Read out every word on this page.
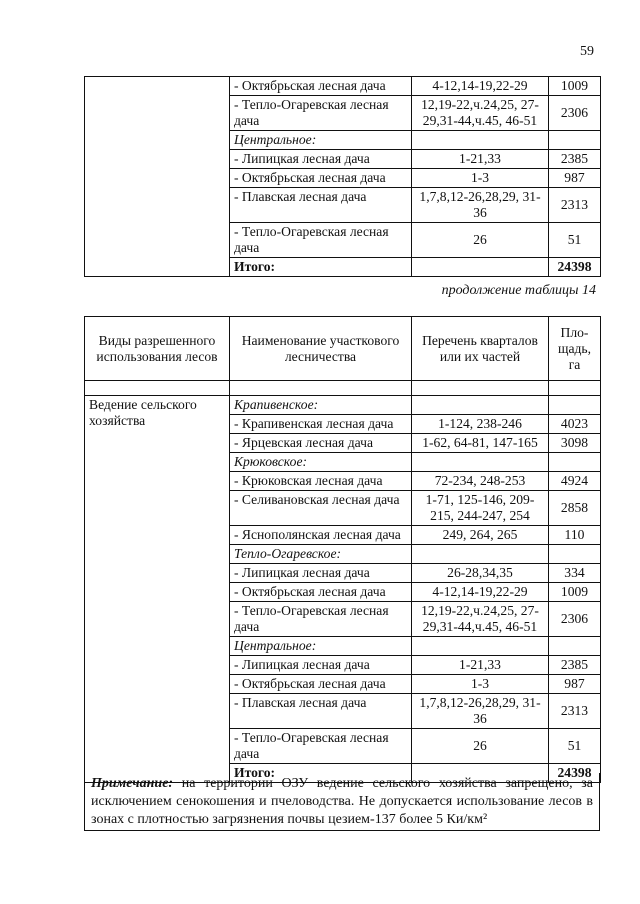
59
	- Октябрьская лесная дача	4-12,14-19,22-29	1009
	- Тепло-Огаревская лесная дача	12,19-22,ч.24,25, 27-29,31-44,ч.45, 46-51	2306
	Центральное:		
	- Липицкая лесная дача	1-21,33	2385
	- Октябрьская лесная дача	1-3	987
	- Плавская лесная дача	1,7,8,12-26,28,29, 31-36	2313
	- Тепло-Огаревская лесная дача	26	51
	Итого:		24398
продолжение таблицы 14
Виды разрешенного использования лесов	Наименование участкового лесничества	Перечень кварталов или их частей	Пло-щадь, га

Ведение сельского хозяйства	Крапивенское:		
	- Крапивенская лесная дача	1-124, 238-246	4023
	- Ярцевская лесная дача	1-62, 64-81, 147-165	3098
	Крюковское:		
	- Крюковская лесная дача	72-234, 248-253	4924
	- Селивановская лесная дача	1-71, 125-146, 209-215, 244-247, 254	2858
	- Яснополянская лесная дача	249, 264, 265	110
	Тепло-Огаревское:		
	- Липицкая лесная дача	26-28,34,35	334
	- Октябрьская лесная дача	4-12,14-19,22-29	1009
	- Тепло-Огаревская лесная дача	12,19-22,ч.24,25, 27-29,31-44,ч.45, 46-51	2306
	Центральное:		
	- Липицкая лесная дача	1-21,33	2385
	- Октябрьская лесная дача	1-3	987
	- Плавская лесная дача	1,7,8,12-26,28,29, 31-36	2313
	- Тепло-Огаревская лесная дача	26	51
	Итого:		24398
Примечание: на территории ОЗУ ведение сельского хозяйства запрещено, за исключением сенокошения и пчеловодства. Не допускается использование лесов в зонах с плотностью загрязнения почвы цезием-137 более 5 Ки/км²
